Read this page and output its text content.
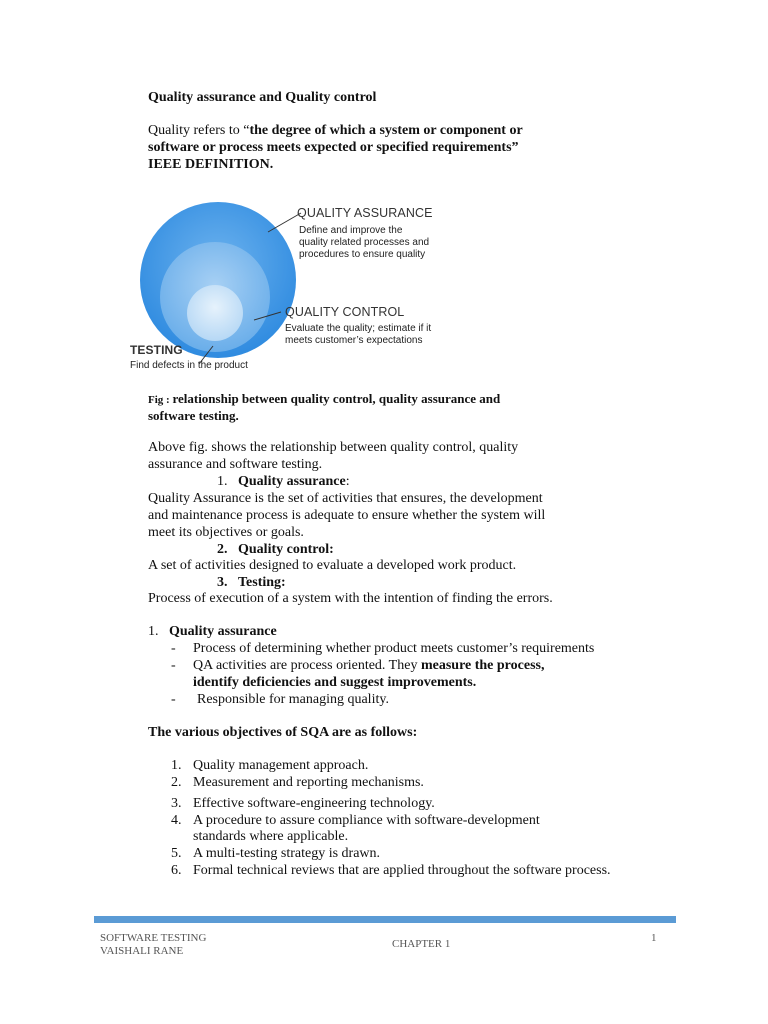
Quality assurance and Quality control
Quality refers to “the degree of which a system or component or
software or process meets expected or specified requirements”
IEEE DEFINITION.
QUALITY ASSURANCE
Define and improve the
quality related processes and
procedures to ensure quality
QUALITY CONTROL
Evaluate the quality; estimate if it
meets customer’s expectations
TESTING
Find defects in the product
Fig : relationship between quality control, quality assurance and
software testing.
Above fig. shows the relationship between quality control, quality
assurance and software testing.
1. Quality assurance:
Quality Assurance is the set of activities that ensures, the development
and maintenance process is adequate to ensure whether the system will
meet its objectives or goals.
2. Quality control:
A set of activities designed to evaluate a developed work product.
3. Testing:
Process of execution of a system with the intention of finding the errors.
1. Quality assurance
- Process of determining whether product meets customer’s requirements
- QA activities are process oriented. They measure the process,
identify deficiencies and suggest improvements.
- Responsible for managing quality.
The various objectives of SQA are as follows:
1. Quality management approach.
2. Measurement and reporting mechanisms.
3. Effective software-engineering technology.
4. A procedure to assure compliance with software-development
standards where applicable.
5. A multi-testing strategy is drawn.
6. Formal technical reviews that are applied throughout the software process.
SOFTWARE TESTING
VAISHALI RANE
CHAPTER 1	1
